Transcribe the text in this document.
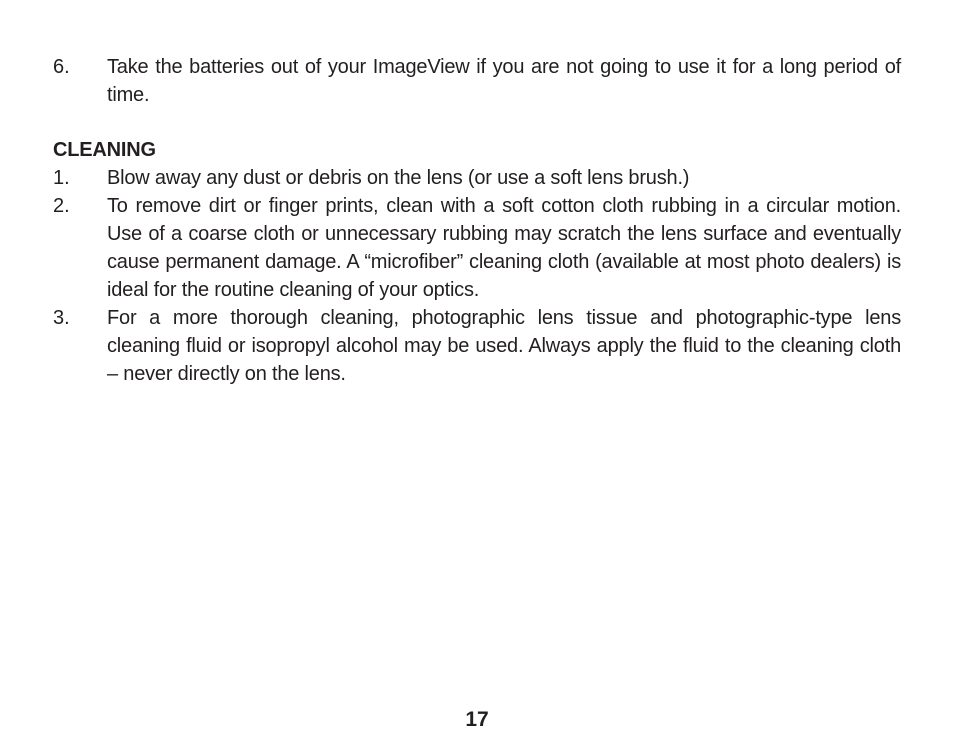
6.	Take the batteries out of your ImageView if you are not going to use it for a long period of time.
CLEANING
1.	Blow away any dust or debris on the lens (or use a soft lens brush.)
2.	To remove dirt or finger prints, clean with a soft cotton cloth rubbing in a circular motion. Use of a coarse cloth or unnecessary rubbing may scratch the lens surface and eventually cause permanent damage. A “microfiber” cleaning cloth (available at most photo dealers) is ideal for the routine cleaning of your optics.
3.	For a more thorough cleaning, photographic lens tissue and photographic-type lens cleaning fluid or isopropyl alcohol may be used. Always apply the fluid to the cleaning cloth – never directly on the lens.
17
